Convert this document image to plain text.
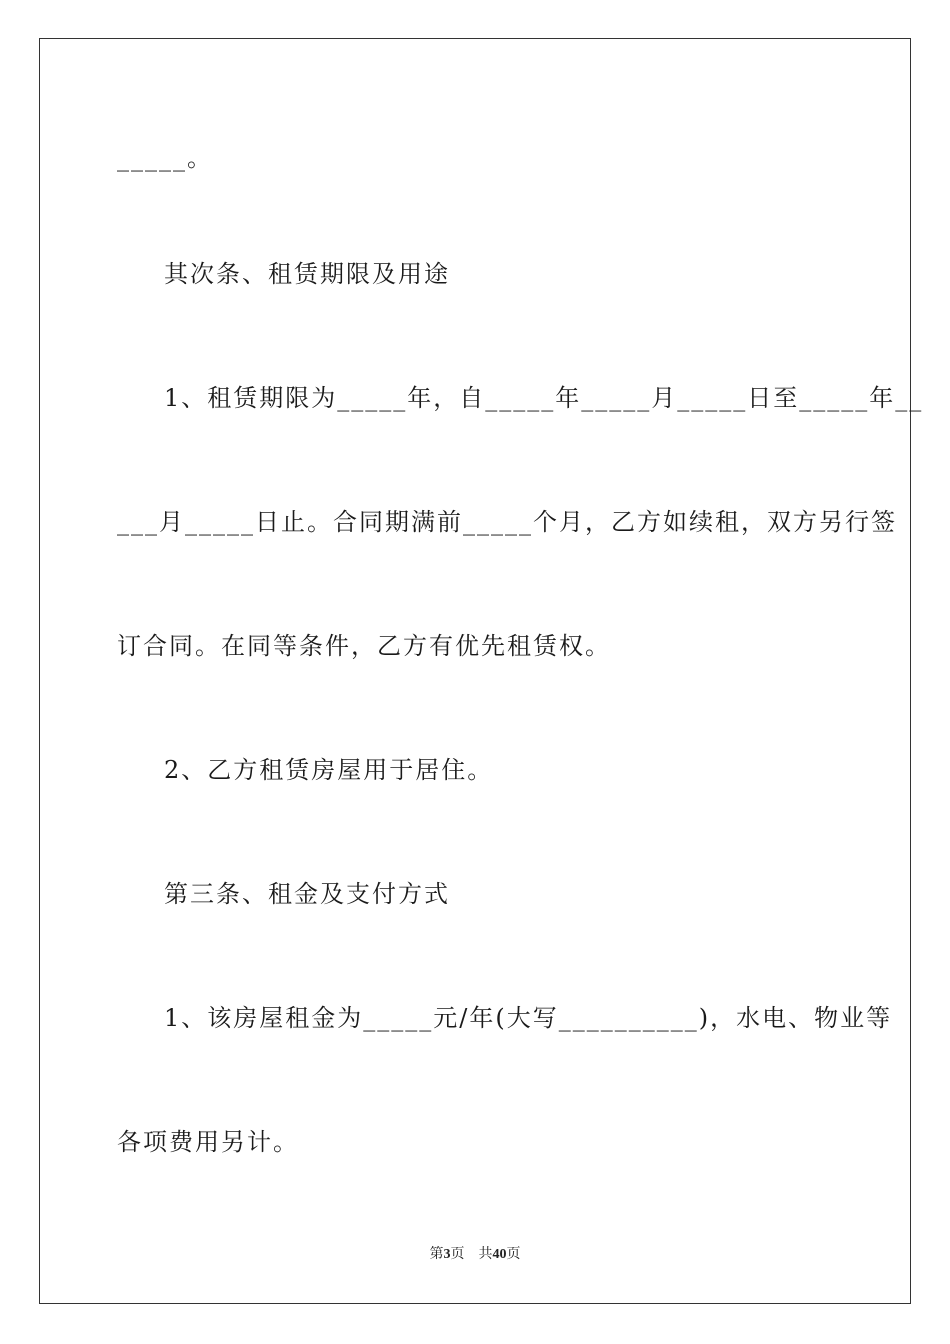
_____。
其次条、租赁期限及用途
1、租赁期限为_____年，自_____年_____月_____日至_____年__
___月_____日止。合同期满前_____个月，乙方如续租，双方另行签
订合同。在同等条件，乙方有优先租赁权。
2、乙方租赁房屋用于居住。
第三条、租金及支付方式
1、该房屋租金为_____元/年(大写__________)，水电、物业等
各项费用另计。
第3页    共40页
